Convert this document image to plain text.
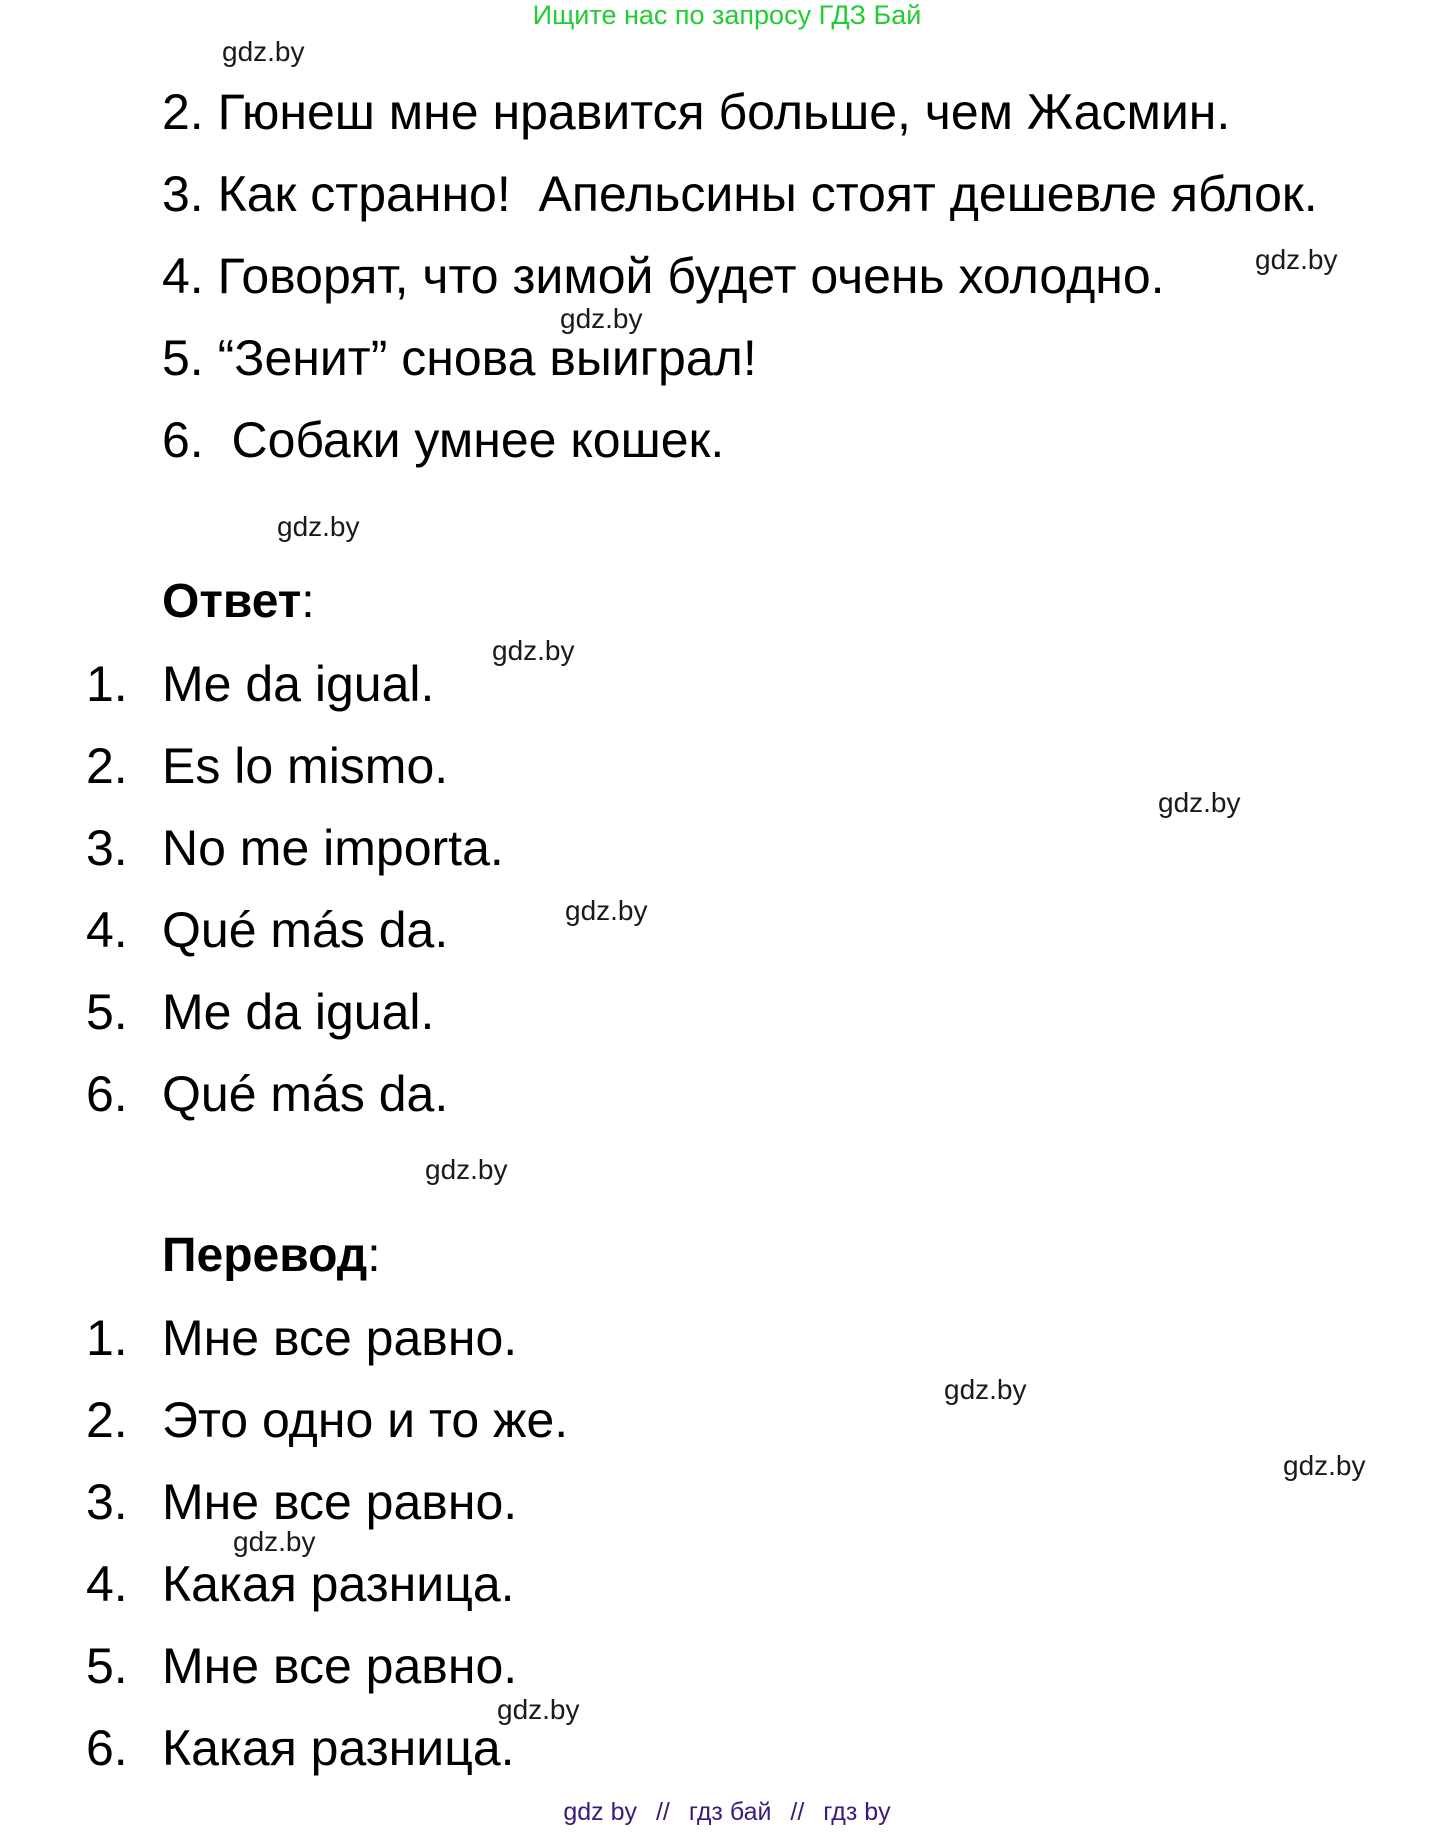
Ищите нас по запросу ГДЗ Бай
gdz.by
gdz.by
gdz.by
gdz.by
gdz.by
gdz.by
gdz.by
gdz.by
gdz.by
gdz.by
gdz.by
gdz.by
2. Гюнеш мне нравится больше, чем Жасмин.
3. Как странно!  Апельсины стоят дешевле яблок.
4. Говорят, что зимой будет очень холодно.
5. “Зенит” снова выиграл!
6.  Собаки умнее кошек.
Ответ:
1. Me da igual.
2. Es lo mismo.
3. No me importa.
4. Qué más da.
5. Me da igual.
6. Qué más da.
Перевод:
1. Мне все равно.
2. Это одно и то же.
3. Мне все равно.
4. Какая разница.
5. Мне все равно.
6. Какая разница.
gdz by // гдз бай // гдз by
